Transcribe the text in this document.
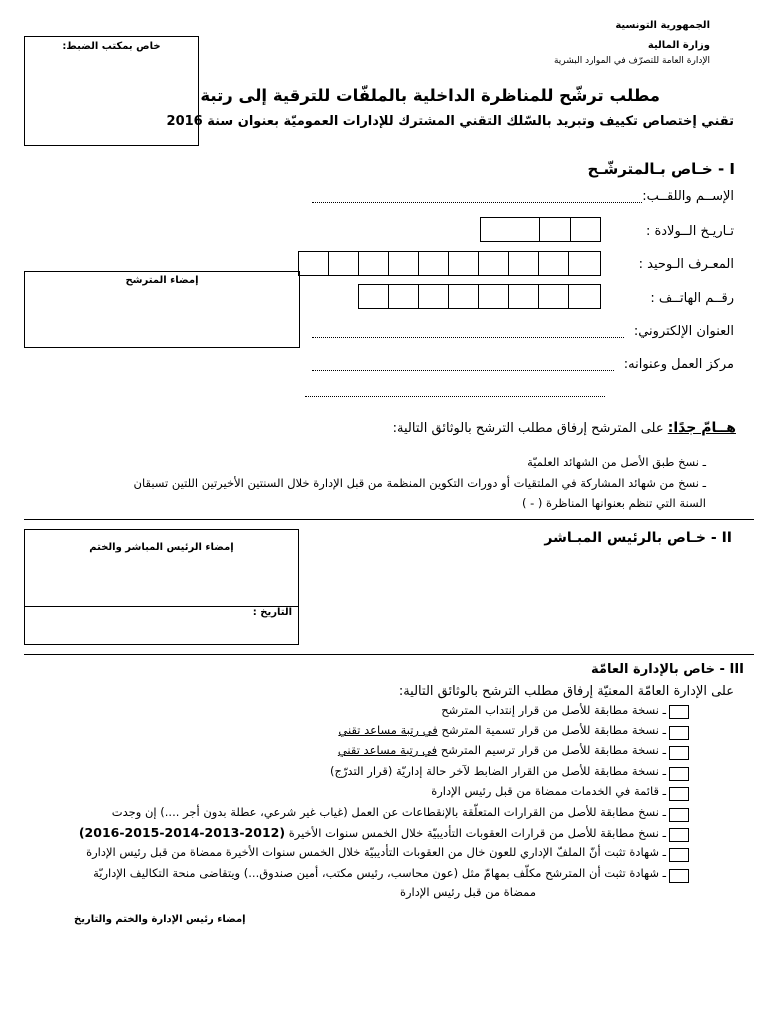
الجمهورية التونسية
وزارة المالية
الإدارة العامة للتصرّف في الموارد البشرية
خاص بمكتب الضبط:
مطلب ترشّح للمناظرة الداخلية بالملفّات للترقية إلى رتبة
تقني إختصاص تكييف وتبريد بالسّلك التقني المشترك للإدارات العموميّة بعنوان سنة 2016
I - خـاص بـالمترشّـح
الإســم واللقــب:
تـاريـخ الــولادة :
المعـرف الـوحيد :
إمضاء المترشح
رقــم الهاتــف :
العنوان الإلكتروني:
مركز العمل وعنوانه:
هــامّ جدًا: على المترشح إرفاق مطلب الترشح بالوثائق التالية:
ـ نسخ طبق الأصل من الشهائد العلميّة
ـ نسخ من شهائد المشاركة في الملتقيات أو دورات التكوين المنظمة من قبل الإدارة خلال السنتين الأخيرتين اللتين تسبقان
السنة التي تنظم بعنوانها المناظرة ( - )
II - خـاص بالرئيس المبـاشر
إمضاء الرئيس المباشر والختم
التاريخ :
III - خاص بالإدارة العامّة
على الإدارة العامّة المعنيّة إرفاق مطلب الترشح بالوثائق التالية:
ـ نسخة مطابقة للأصل من قرار إنتداب المترشح
ـ نسخة مطابقة للأصل من قرار تسمية المترشح في رتبة مساعد تقني
ـ نسخة مطابقة للأصل من قرار ترسيم المترشح في رتبة مساعد تقني
ـ نسخة مطابقة للأصل من القرار الضابط لآخر حالة إداريّة (قرار التدرّج)
ـ قائمة في الخدمات ممضاة من قبل رئيس الإدارة
ـ نسخ مطابقة للأصل من القرارات المتعلّقة بالإنقطاعات عن العمل (غياب غير شرعي، عطلة بدون أجر ....) إن وجدت
ـ نسخ مطابقة للأصل من قرارات العقوبات التأديبيّة خلال الخمس سنوات الأخيرة (2012-2013-2014-2015-2016)
ـ شهادة تثبت أنّ الملفّ الإداري للعون خال من العقوبات التأديبيّة خلال الخمس سنوات الأخيرة ممضاة من قبل رئيس الإدارة
ـ شهادة تثبت أن المترشح مكلّف بمهامّ مثل (عون محاسب، رئيس مكتب، أمين صندوق...) ويتقاضى منحة التكاليف الإداريّة
ممضاة من قبل رئيس الإدارة
إمضاء رئيس الإدارة والختم والتاريخ
